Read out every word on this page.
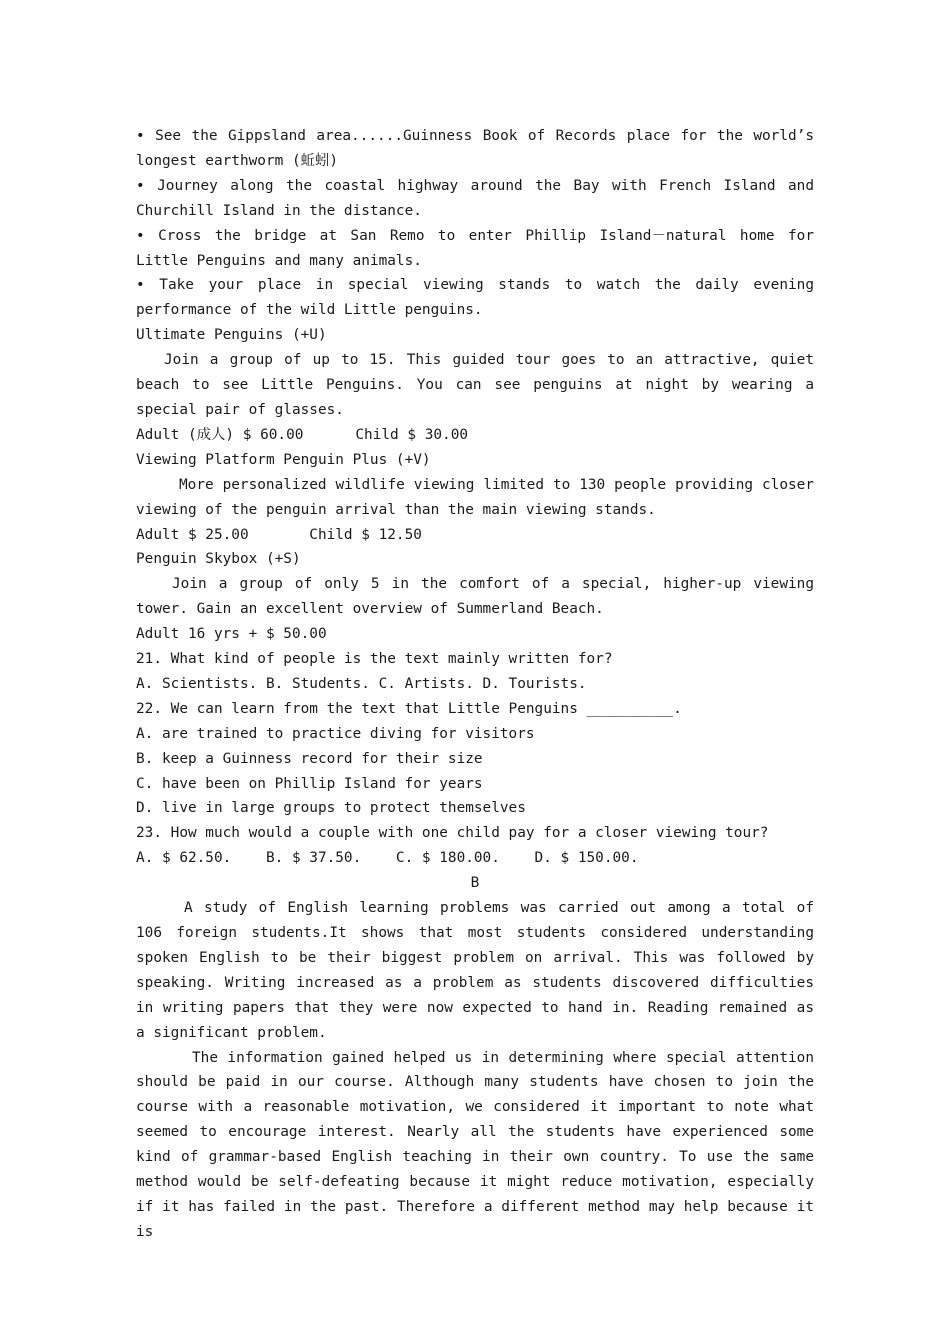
• See the Gippsland area......Guinness Book of Records place for the world’s longest earthworm (蚯蚓)

• Journey along the coastal highway around the Bay with French Island and Churchill Island in the distance.

• Cross the bridge at San Remo to enter Phillip Island－natural home for Little Penguins and many animals.

• Take your place in special viewing stands to watch the daily evening performance of the wild Little penguins.

Ultimate Penguins (+U)

Join a group of up to 15. This guided tour goes to an attractive, quiet beach to see Little Penguins. You can see penguins at night by wearing a special pair of glasses.

Adult (成人) $ 60.00      Child $ 30.00

Viewing Platform Penguin Plus (+V)

More personalized wildlife viewing limited to 130 people providing closer viewing of the penguin arrival than the main viewing stands.

Adult $ 25.00       Child $ 12.50

Penguin Skybox (+S)

Join a group of only 5 in the comfort of a special, higher-up viewing tower. Gain an excellent overview of Summerland Beach.

Adult 16 yrs + $ 50.00

21. What kind of people is the text mainly written for?

A. Scientists. B. Students. C. Artists. D. Tourists.

22. We can learn from the text that Little Penguins __________.

A. are trained to practice diving for visitors

B. keep a Guinness record for their size

C. have been on Phillip Island for years

D. live in large groups to protect themselves

23. How much would a couple with one child pay for a closer viewing tour?

A. $ 62.50.    B. $ 37.50.    C. $ 180.00.    D. $ 150.00.

B

A study of English learning problems was carried out among a total of 106 foreign students.It shows that most students considered understanding spoken English to be their biggest problem on arrival. This was followed by speaking. Writing increased as a problem as students discovered difficulties in writing papers that they were now expected to hand in. Reading remained as a significant problem.

The information gained helped us in determining where special attention should be paid in our course. Although many students have chosen to join the course with a reasonable motivation, we considered it important to note what seemed to encourage interest. Nearly all the students have experienced some kind of grammar-based English teaching in their own country. To use the same method would be self-defeating because it might reduce motivation, especially if it has failed in the past. Therefore a different method may help because it is
